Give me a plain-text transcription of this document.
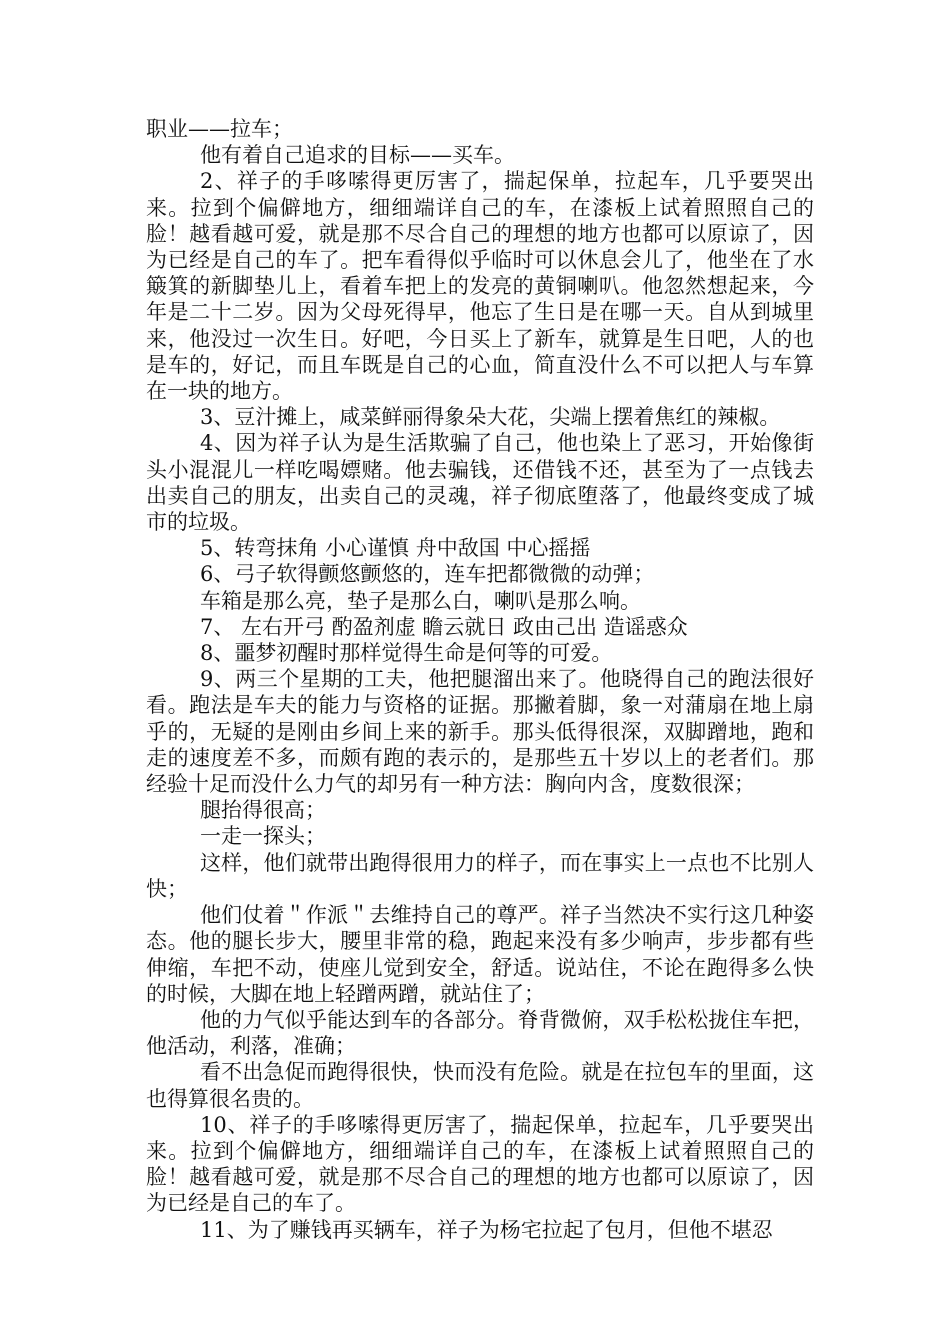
职业——拉车；

他有着自己追求的目标——买车。

2、祥子的手哆嗦得更厉害了，揣起保单，拉起车，几乎要哭出来。拉到个偏僻地方，细细端详自己的车，在漆板上试着照照自己的脸！越看越可爱，就是那不尽合自己的理想的地方也都可以原谅了，因为已经是自己的车了。把车看得似乎临时可以休息会儿了，他坐在了水簸箕的新脚垫儿上，看着车把上的发亮的黄铜喇叭。他忽然想起来，今年是二十二岁。因为父母死得早，他忘了生日是在哪一天。自从到城里来，他没过一次生日。好吧，今日买上了新车，就算是生日吧，人的也是车的，好记，而且车既是自己的心血，简直没什么不可以把人与车算在一块的地方。

3、豆汁摊上，咸菜鲜丽得象朵大花，尖端上摆着焦红的辣椒。

4、因为祥子认为是生活欺骗了自己，他也染上了恶习，开始像街头小混混儿一样吃喝嫖赌。他去骗钱，还借钱不还，甚至为了一点钱去出卖自己的朋友，出卖自己的灵魂，祥子彻底堕落了，他最终变成了城市的垃圾。

5、转弯抹角 小心谨慎 舟中敌国 中心摇摇

6、弓子软得颤悠颤悠的，连车把都微微的动弹；

车箱是那么亮，垫子是那么白，喇叭是那么响。

7、 左右开弓 酌盈剂虚 瞻云就日 政由己出 造谣惑众

8、噩梦初醒时那样觉得生命是何等的可爱。

9、两三个星期的工夫，他把腿溜出来了。他晓得自己的跑法很好看。跑法是车夫的能力与资格的证据。那撇着脚，象一对蒲扇在地上扇乎的，无疑的是刚由乡间上来的新手。那头低得很深，双脚蹭地，跑和走的速度差不多，而颇有跑的表示的，是那些五十岁以上的老者们。那经验十足而没什么力气的却另有一种方法：胸向内含，度数很深；

腿抬得很高；

一走一探头；

这样，他们就带出跑得很用力的样子，而在事实上一点也不比别人快；

他们仗着＂作派＂去维持自己的尊严。祥子当然决不实行这几种姿态。他的腿长步大，腰里非常的稳，跑起来没有多少响声，步步都有些伸缩，车把不动，使座儿觉到安全，舒适。说站住，不论在跑得多么快的时候，大脚在地上轻蹭两蹭，就站住了；

他的力气似乎能达到车的各部分。脊背微俯，双手松松拢住车把，他活动，利落，准确；

看不出急促而跑得很快，快而没有危险。就是在拉包车的里面，这也得算很名贵的。

10、祥子的手哆嗦得更厉害了，揣起保单，拉起车，几乎要哭出来。拉到个偏僻地方，细细端详自己的车，在漆板上试着照照自己的脸！越看越可爱，就是那不尽合自己的理想的地方也都可以原谅了，因为已经是自己的车了。

11、为了赚钱再买辆车，祥子为杨宅拉起了包月，但他不堪忍
